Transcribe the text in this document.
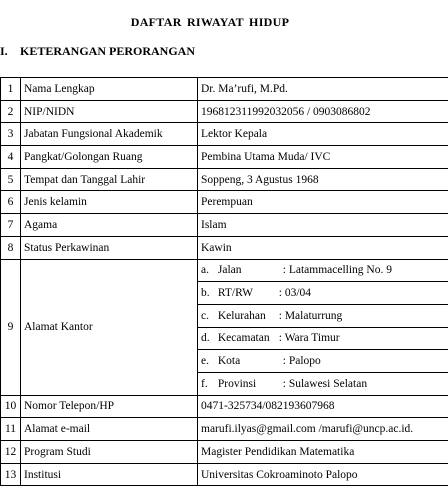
DAFTAR RIWAYAT HIDUP
I. KETERANGAN PERORANGAN
1	Nama Lengkap	Dr. Ma’rufi, M.Pd.
2	NIP/NIDN	196812311992032056 / 0903086802
3	Jabatan Fungsional Akademik	Lektor Kepala
4	Pangkat/Golongan Ruang	Pembina Utama Muda/ IVC
5	Tempat dan Tanggal Lahir	Soppeng, 3 Agustus 1968
6	Jenis kelamin	Perempuan
7	Agama	Islam
8	Status Perkawinan	Kawin
9	Alamat Kantor	a. Jalan : Latammacelling No. 9
		b. RT/RW : 03/04
		c. Kelurahan : Malaturrung
		d. Kecamatan : Wara Timur
		e. Kota : Palopo
		f. Provinsi : Sulawesi Selatan
10	Nomor Telepon/HP	0471-325734/082193607968
11	Alamat e-mail	marufi.ilyas@gmail.com /marufi@uncp.ac.id.
12	Program Studi	Magister Pendidikan Matematika
13	Institusi	Universitas Cokroaminoto Palopo
